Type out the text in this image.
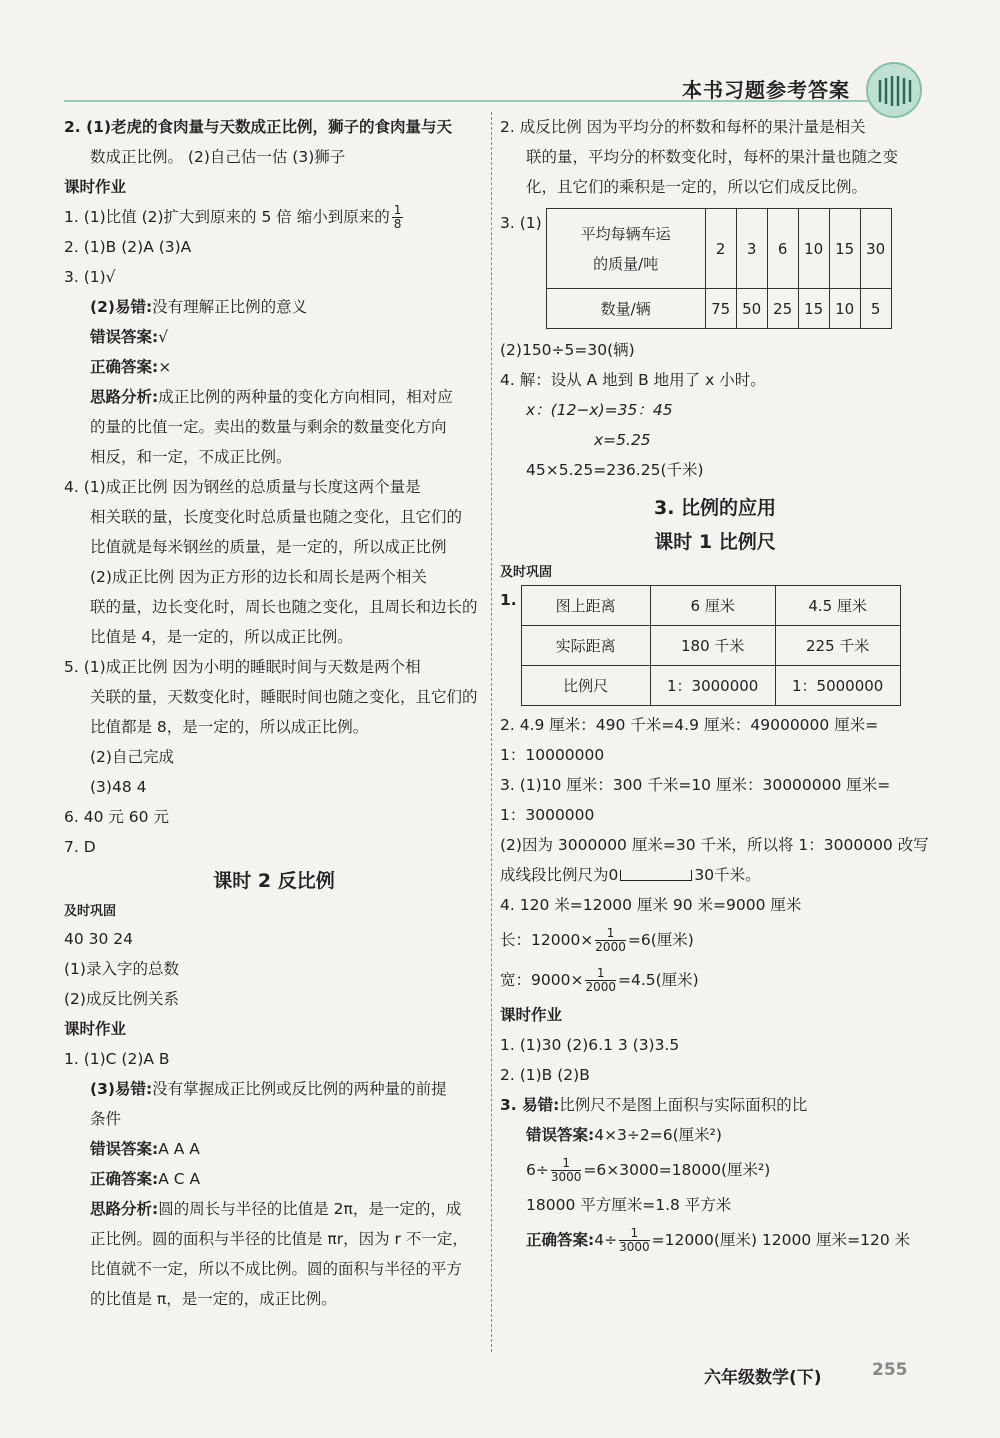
本书习题参考答案
2. (1)老虎的食肉量与天数成正比例，狮子的食肉量与天
数成正比例。 (2)自己估一估 (3)狮子
课时作业
1. (1)比值 (2)扩大到原来的 5 倍 缩小到原来的 $\frac{1}{8}$
2. (1)B (2)A (3)A
3. (1)√
(2)易错:没有理解正比例的意义
错误答案:√
正确答案:×
思路分析:成正比例的两种量的变化方向相同，相对应
的量的比值一定。卖出的数量与剩余的数量变化方向
相反，和一定，不成正比例。
4. (1)成正比例 因为钢丝的总质量与长度这两个量是
相关联的量，长度变化时总质量也随之变化，且它们的
比值就是每米钢丝的质量，是一定的，所以成正比例
(2)成正比例 因为正方形的边长和周长是两个相关
联的量，边长变化时，周长也随之变化，且周长和边长的
比值是 4，是一定的，所以成正比例。
5. (1)成正比例 因为小明的睡眠时间与天数是两个相
关联的量，天数变化时，睡眠时间也随之变化，且它们的
比值都是 8，是一定的，所以成正比例。
(2)自己完成
(3)48 4
6. 40 元 60 元
7. D
课时 2 反比例
及时巩固
40 30 24
(1)录入字的总数
(2)成反比例关系
课时作业
1. (1)C (2)A B
(3)易错:没有掌握成正比例或反比例的两种量的前提
条件
错误答案:A A A
正确答案:A C A
思路分析:圆的周长与半径的比值是 2π，是一定的，成
正比例。圆的面积与半径的比值是 πr，因为 r 不一定，
比值就不一定，所以不成比例。圆的面积与半径的平方
的比值是 π，是一定的，成正比例。
2. 成反比例 因为平均分的杯数和每杯的果汁量是相关
联的量，平均分的杯数变化时，每杯的果汁量也随之变
化，且它们的乘积是一定的，所以它们成反比例。
3. (1)
平均每辆车运
的质量/吨	2	3	6	10	15	30
数量/辆	75	50	25	15	10	5
(2)150÷5=30(辆)
4. 解：设从 A 地到 B 地用了 x 小时。
x：(12−x)=35：45
x=5.25
45×5.25=236.25(千米)
3. 比例的应用
课时 1 比例尺
及时巩固
1.	图上距离	6 厘米	4.5 厘米
实际距离	180 千米	225 千米
比例尺	1：3000000	1：5000000
2. 4.9 厘米：490 千米=4.9 厘米：49000000 厘米=
1：10000000
3. (1)10 厘米：300 千米=10 厘米：30000000 厘米=
1：3000000
(2)因为 3000000 厘米=30 千米，所以将 1：3000000 改写
成线段比例尺为0	30千米。
4. 120 米=12000 厘米 90 米=9000 厘米
长：$12000\times \frac{1}{2000} =6$(厘米)
宽：$9000\times \frac{1}{2000} =4.5$(厘米)
课时作业
1. (1)30 (2)6.1 3 (3)3.5
2. (1)B (2)B
3. 易错:比例尺不是图上面积与实际面积的比
错误答案:4×3÷2=6(厘米²)
$6\div \frac{1}{3000} =6\times 3000=18000$(厘米²)
18000 平方厘米=1.8 平方米
正确答案:4÷ $\frac{1}{3000} =12000$(厘米) 12000 厘米=120 米
六年级数学(下)	255
